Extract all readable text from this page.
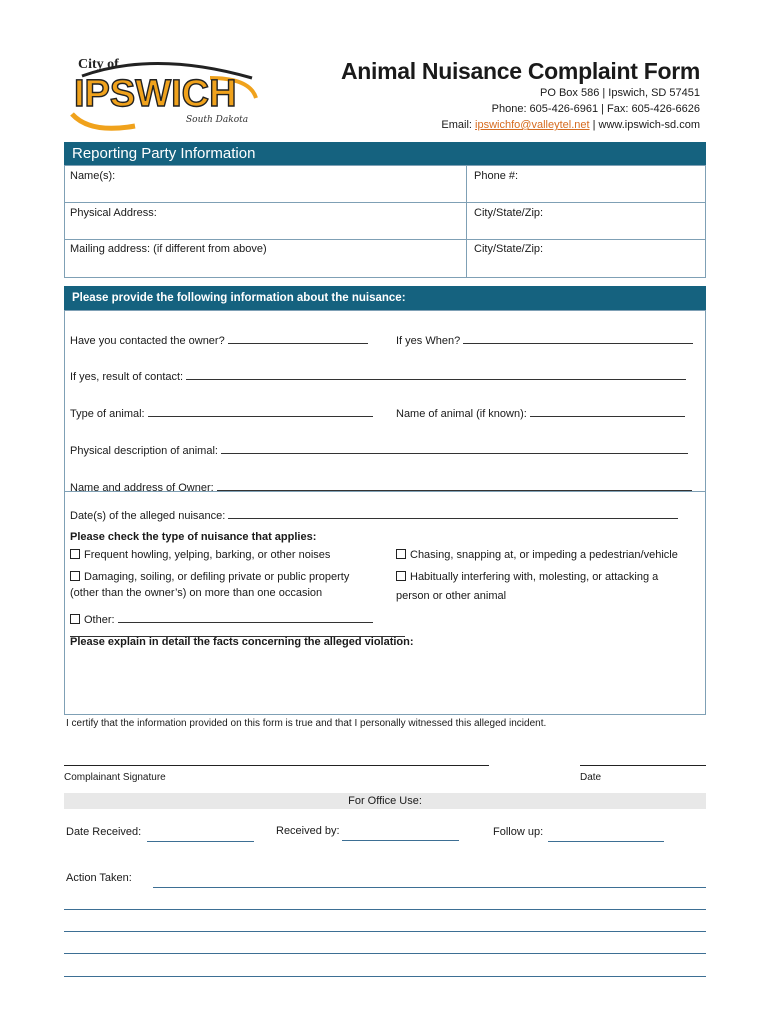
City of
IPSWICH
South Dakota
Animal Nuisance Complaint Form
PO Box 586 | Ipswich, SD 57451
Phone: 605-426-6961 | Fax: 605-426-6626
Email: ipswichfo@valleytel.net | www.ipswich-sd.com
Reporting Party Information
Name(s):	Phone #:
Physical Address:	City/State/Zip:
Mailing address: (if different from above)	City/State/Zip:
Please provide the following information about the nuisance:
Have you contacted the owner?	If yes When?
If yes, result of contact:
Type of animal:	Name of animal (if known):
Physical description of animal:
Name and address of Owner:
Date(s) of the alleged nuisance:
Please check the type of nuisance that applies:
Frequent howling, yelping, barking, or other noises
Damaging, soiling, or defiling private or public property
(other than the owner’s) on more than one occasion
Chasing, snapping at, or impeding a pedestrian/vehicle
Habitually interfering with, molesting, or attacking a
person or other animal
Other:
Please explain in detail the facts concerning the alleged violation:
I certify that the information provided on this form is true and that I personally witnessed this alleged incident.
Complainant Signature	Date
For Office Use:
Date Received:	Received by:	Follow up:
Action Taken:
